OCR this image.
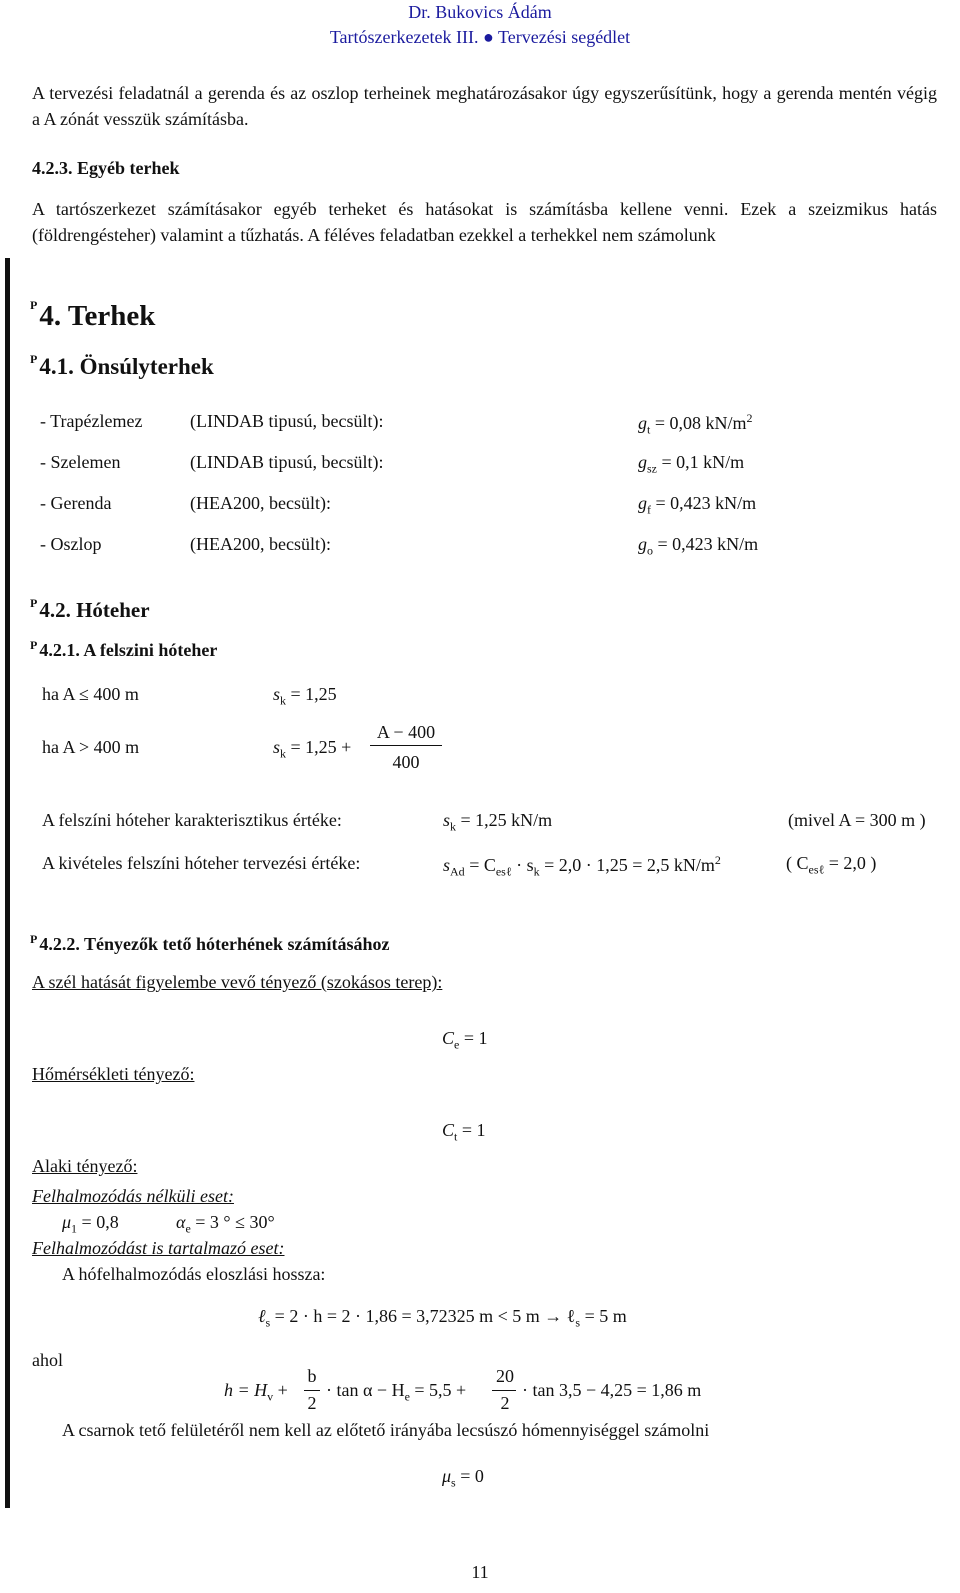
Dr. Bukovics Ádám
Tartószerkezetek III. ● Tervezési segédlet
A tervezési feladatnál a gerenda és az oszlop terheinek meghatározásakor úgy egyszerűsítünk, hogy a gerenda mentén végig a A zónát vesszük számításba.
4.2.3. Egyéb terhek
A tartószerkezet számításakor egyéb terheket és hatásokat is számításba kellene venni. Ezek a szeizmikus hatás (földrengésteher) valamint a tűzhatás. A féléves feladatban ezekkel a terhekkel nem számolunk
$^P$4. Terhek
$^P$4.1. Önsúlyterhek
- Trapézlemez	(LINDAB tipusú, becsült):	$g_t = 0,08$ $kN/m^2$
- Szelemen	(LINDAB tipusú, becsült):	$g_{sz} = 0,1$ kN/m
- Gerenda	(HEA200, becsült):	$g_f = 0,423$ kN/m
- Oszlop	(HEA200, becsült):	$g_o = 0,423$ kN/m
$^P$4.2. Hóteher
$^P$ 4.2.1. A felszini hóteher
ha A ≤ 400 m	$s_k = 1,25$
ha A > 400 m	$s_k = 1,25$ +
A − 400
400
A felszíni hóteher karakterisztikus értéke:	$s_k = 1,25$ kN/m	(mivel A = 300 m )
A kivételes felszíni hóteher tervezési értéke:	$s_{Ad} = C_{es\ell} \cdot s_k = 2,0 \cdot 1,25 = 2,5$ $kN/m^2$	( $C_{es\ell} = 2,0$ )
$^P$ 4.2.2. Tényezők tető hóterhének számításához
A szél hatását figyelembe vevő tényező (szokásos terep):
$C_e = 1$
Hőmérsékleti tényező:
$C_t = 1$
Alaki tényező:
Felhalmozódás nélküli eset:
$\mu_1 = 0,8$	$\alpha_e = 3$ ° ≤ 30°
Felhalmozódást is tartalmazó eset:
A hófelhalmozódás eloszlási hossza:
ℓ$_s$ = 2 · h = 2 · 1,86 = 3,72325 m < 5 m → ℓ$_s$ = 5 m
ahol
$h = H_v$ +
b
2
· $\tan \alpha - H_e = 5,5$ +
20
2
· tan 3,5 − 4,25 = 1,86 m
A csarnok tető felületéről nem kell az előtető irányába lecsúszó hómennyiséggel számolni
$\mu_s = 0$
11
